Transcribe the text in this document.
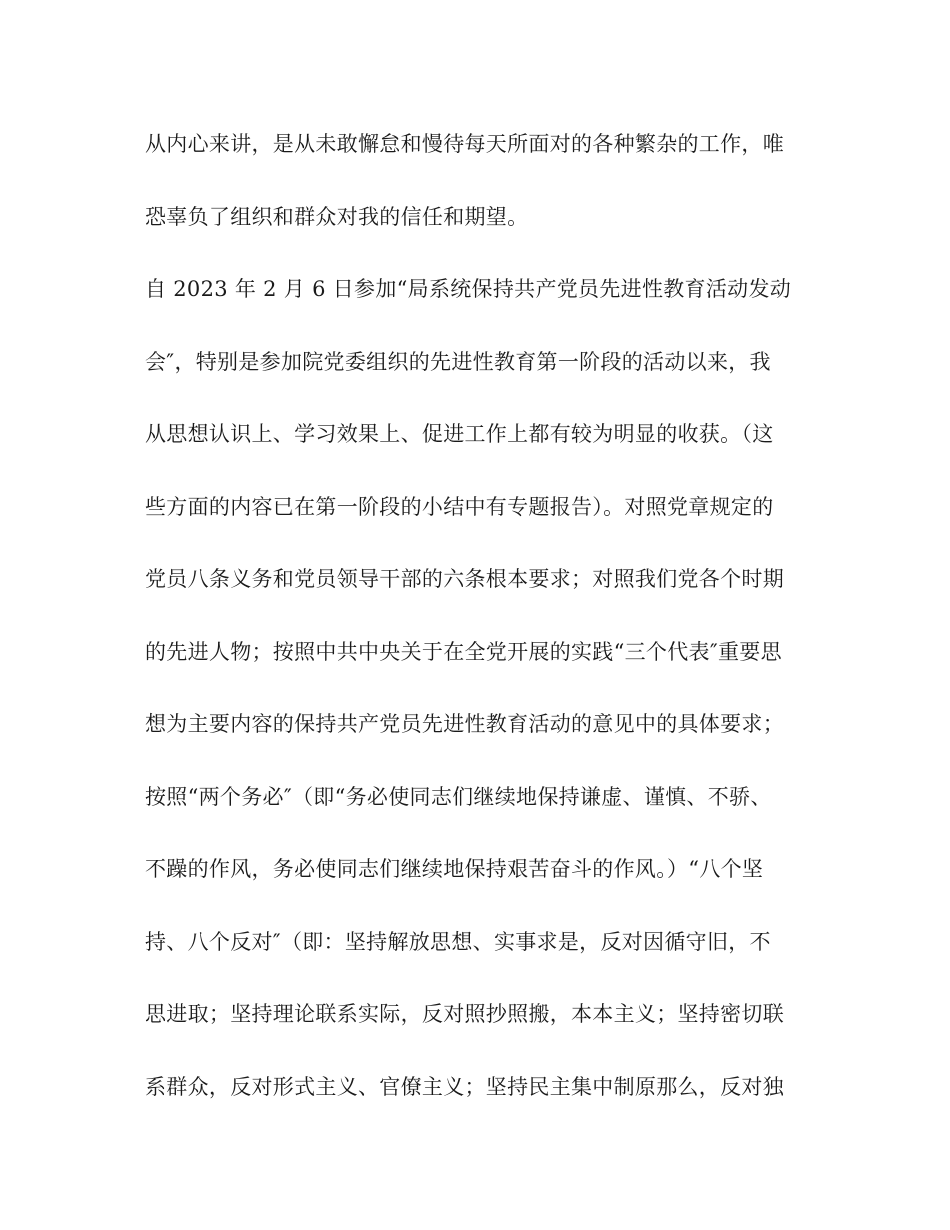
从内心来讲，是从未敢懈怠和慢待每天所面对的各种繁杂的工作，唯
恐辜负了组织和群众对我的信任和期望。
自 2023 年 2 月 6 日参加“局系统保持共产党员先进性教育活动发动
会″，特别是参加院党委组织的先进性教育第一阶段的活动以来，我
从思想认识上、学习效果上、促进工作上都有较为明显的收获。（这
些方面的内容已在第一阶段的小结中有专题报告）。对照党章规定的
党员八条义务和党员领导干部的六条根本要求；对照我们党各个时期
的先进人物；按照中共中央关于在全党开展的实践“三个代表″重要思
想为主要内容的保持共产党员先进性教育活动的意见中的具体要求；
按照“两个务必″（即“务必使同志们继续地保持谦虚、谨慎、不骄、
不躁的作风，务必使同志们继续地保持艰苦奋斗的作风。）“八个坚
持、八个反对″（即：坚持解放思想、实事求是，反对因循守旧，不
思进取；坚持理论联系实际，反对照抄照搬，本本主义；坚持密切联
系群众，反对形式主义、官僚主义；坚持民主集中制原那么，反对独
